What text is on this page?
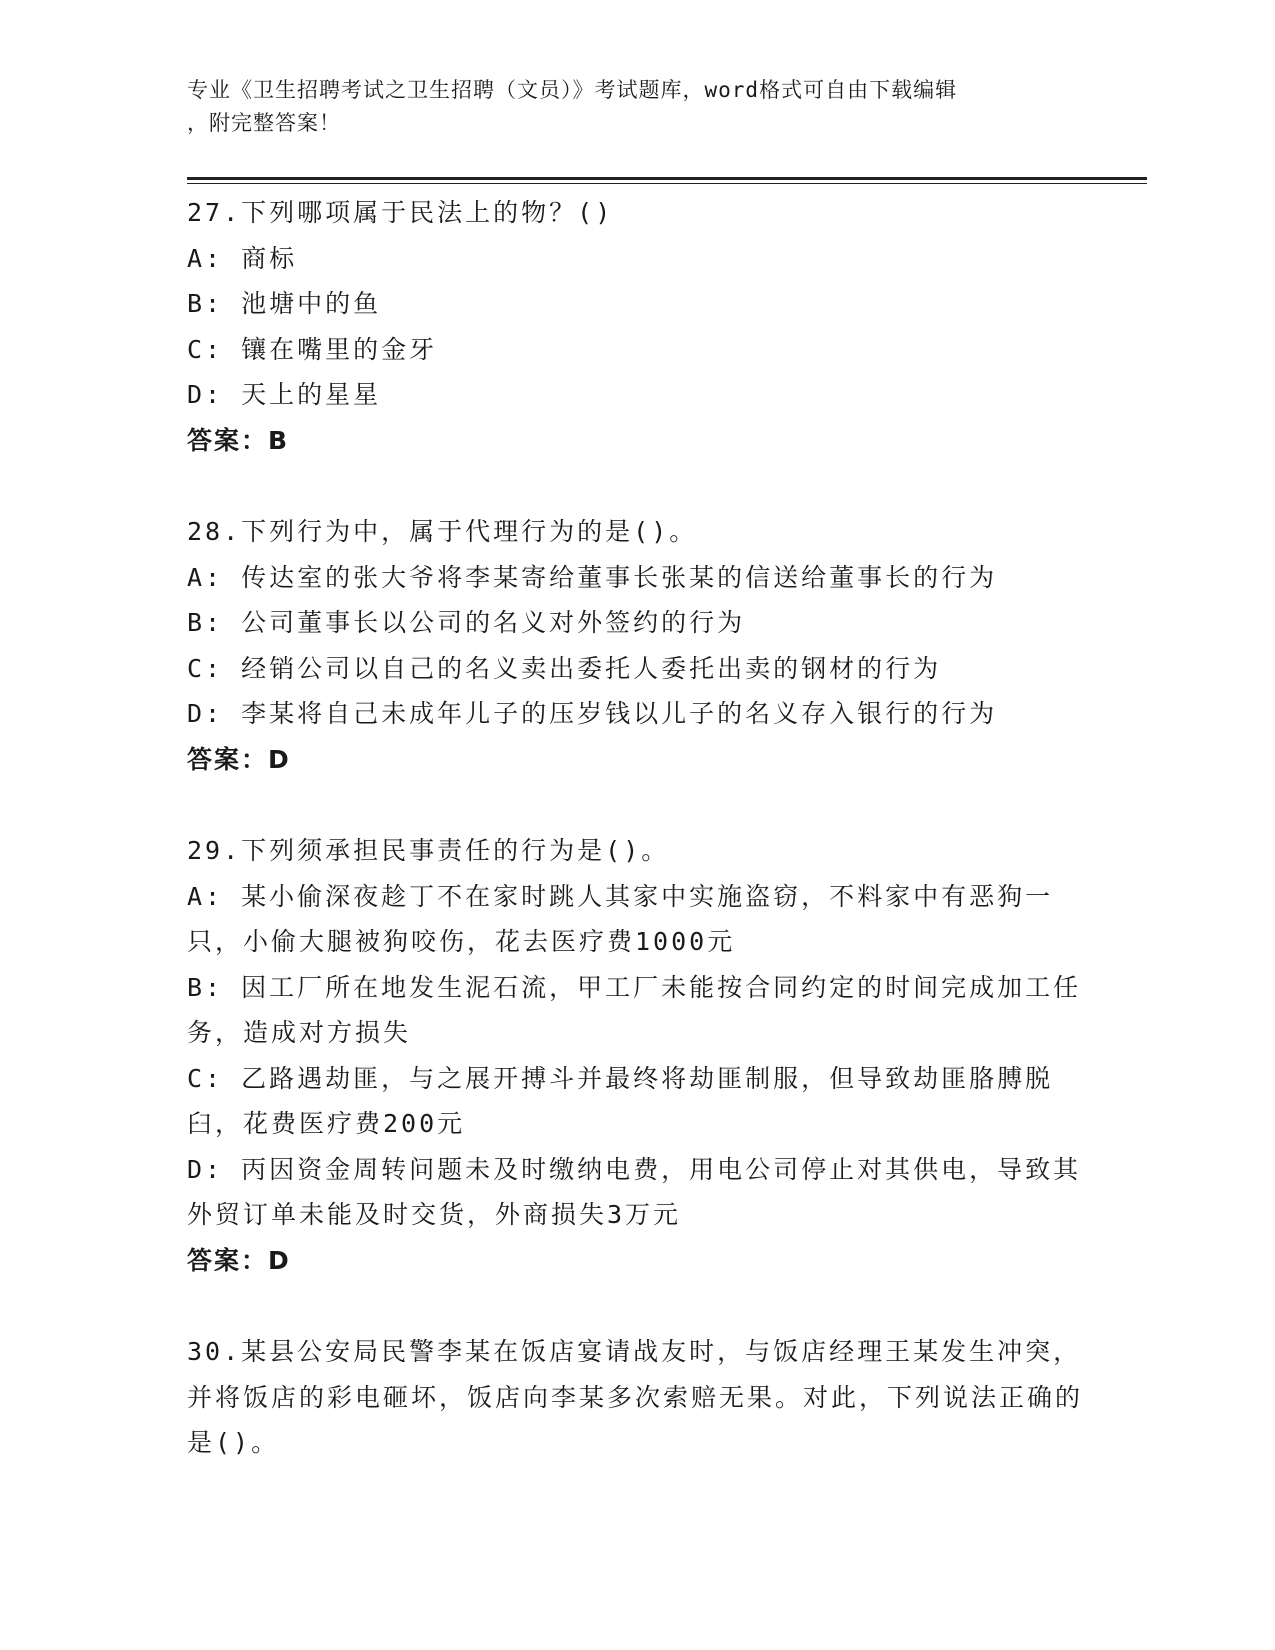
专业《卫生招聘考试之卫生招聘（文员）》考试题库，word格式可自由下载编辑
，附完整答案！
27.下列哪项属于民法上的物？()
A: 商标
B: 池塘中的鱼
C: 镶在嘴里的金牙
D: 天上的星星
答案：B
28.下列行为中，属于代理行为的是()。
A: 传达室的张大爷将李某寄给董事长张某的信送给董事长的行为
B: 公司董事长以公司的名义对外签约的行为
C: 经销公司以自己的名义卖出委托人委托出卖的钢材的行为
D: 李某将自己未成年儿子的压岁钱以儿子的名义存入银行的行为
答案：D
29.下列须承担民事责任的行为是()。
A: 某小偷深夜趁丁不在家时跳人其家中实施盗窃，不料家中有恶狗一只，小偷大腿被狗咬伤，花去医疗费1000元
B: 因工厂所在地发生泥石流，甲工厂未能按合同约定的时间完成加工任务，造成对方损失
C: 乙路遇劫匪，与之展开搏斗并最终将劫匪制服，但导致劫匪胳膊脱臼，花费医疗费200元
D: 丙因资金周转问题未及时缴纳电费，用电公司停止对其供电，导致其外贸订单未能及时交货，外商损失3万元
答案：D
30.某县公安局民警李某在饭店宴请战友时，与饭店经理王某发生冲突，并将饭店的彩电砸坏，饭店向李某多次索赔无果。对此，下列说法正确的是()。
